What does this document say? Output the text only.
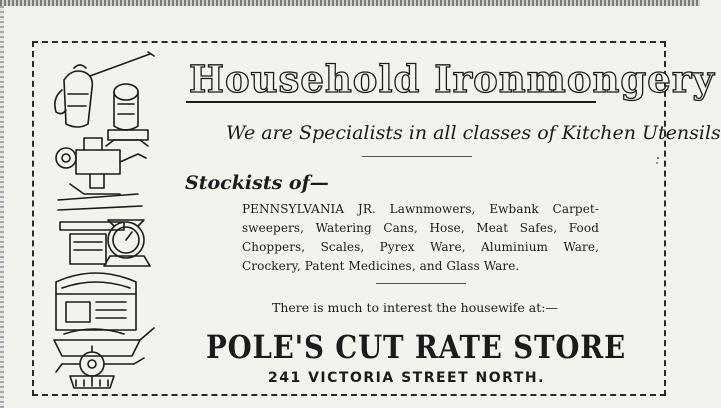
Household Ironmongery
We are Specialists in all classes of Kitchen Utensils
Stockists of—

PENNSYLVANIA JR. Lawnmowers, Ewbank Carpet-sweepers, Watering Cans, Hose, Meat Safes, Food Choppers, Scales, Pyrex Ware, Aluminium Ware, Crockery, Patent Medicines, and Glass Ware.

There is much to interest the housewife at:—
POLE'S CUT RATE STORE
241 VICTORIA STREET NORTH.
